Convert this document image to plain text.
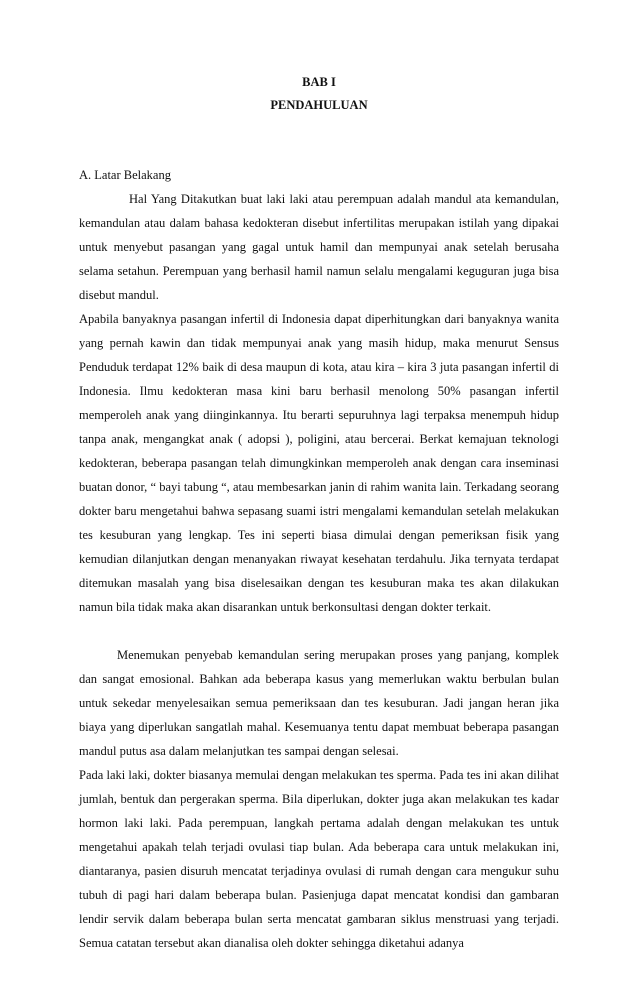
BAB I
PENDAHULUAN
A. Latar Belakang

Hal Yang Ditakutkan buat laki laki atau perempuan adalah mandul ata kemandulan, kemandulan atau dalam bahasa kedokteran disebut infertilitas merupakan istilah yang dipakai untuk menyebut pasangan yang gagal untuk hamil dan mempunyai anak setelah berusaha selama setahun. Perempuan yang berhasil hamil namun selalu mengalami keguguran juga bisa disebut mandul.

Apabila banyaknya pasangan infertil di Indonesia dapat diperhitungkan dari banyaknya wanita yang pernah kawin dan tidak mempunyai anak yang masih hidup, maka menurut Sensus Penduduk terdapat 12% baik di desa maupun di kota, atau kira – kira 3 juta pasangan infertil di Indonesia. Ilmu kedokteran masa kini baru berhasil menolong 50% pasangan infertil memperoleh anak yang diinginkannya. Itu berarti sepuruhnya lagi terpaksa menempuh hidup tanpa anak, mengangkat anak ( adopsi ), poligini, atau bercerai. Berkat kemajuan teknologi kedokteran, beberapa pasangan telah dimungkinkan memperoleh anak dengan cara inseminasi buatan donor, “ bayi tabung “, atau membesarkan janin di rahim wanita lain. Terkadang seorang dokter baru mengetahui bahwa sepasang suami istri mengalami kemandulan setelah melakukan tes kesuburan yang lengkap. Tes ini seperti biasa dimulai dengan pemeriksan fisik yang kemudian dilanjutkan dengan menanyakan riwayat kesehatan terdahulu. Jika ternyata terdapat ditemukan masalah yang bisa diselesaikan dengan tes kesuburan maka tes akan dilakukan namun bila tidak maka akan disarankan untuk berkonsultasi dengan dokter terkait.

Menemukan penyebab kemandulan sering merupakan proses yang panjang, komplek dan sangat emosional. Bahkan ada beberapa kasus yang memerlukan waktu berbulan bulan untuk sekedar menyelesaikan semua pemeriksaan dan tes kesuburan. Jadi jangan heran jika biaya yang diperlukan sangatlah mahal. Kesemuanya tentu dapat membuat beberapa pasangan mandul putus asa dalam melanjutkan tes sampai dengan selesai.

Pada laki laki, dokter biasanya memulai dengan melakukan tes sperma. Pada tes ini akan dilihat jumlah, bentuk dan pergerakan sperma. Bila diperlukan, dokter juga akan melakukan tes kadar hormon laki laki. Pada perempuan, langkah pertama adalah dengan melakukan tes untuk mengetahui apakah telah terjadi ovulasi tiap bulan. Ada beberapa cara untuk melakukan ini, diantaranya, pasien disuruh mencatat terjadinya ovulasi di rumah dengan cara mengukur suhu tubuh di pagi hari dalam beberapa bulan. Pasienjuga dapat mencatat kondisi dan gambaran lendir servik dalam beberapa bulan serta mencatat gambaran siklus menstruasi yang terjadi. Semua catatan tersebut akan dianalisa oleh dokter sehingga diketahui adanya
